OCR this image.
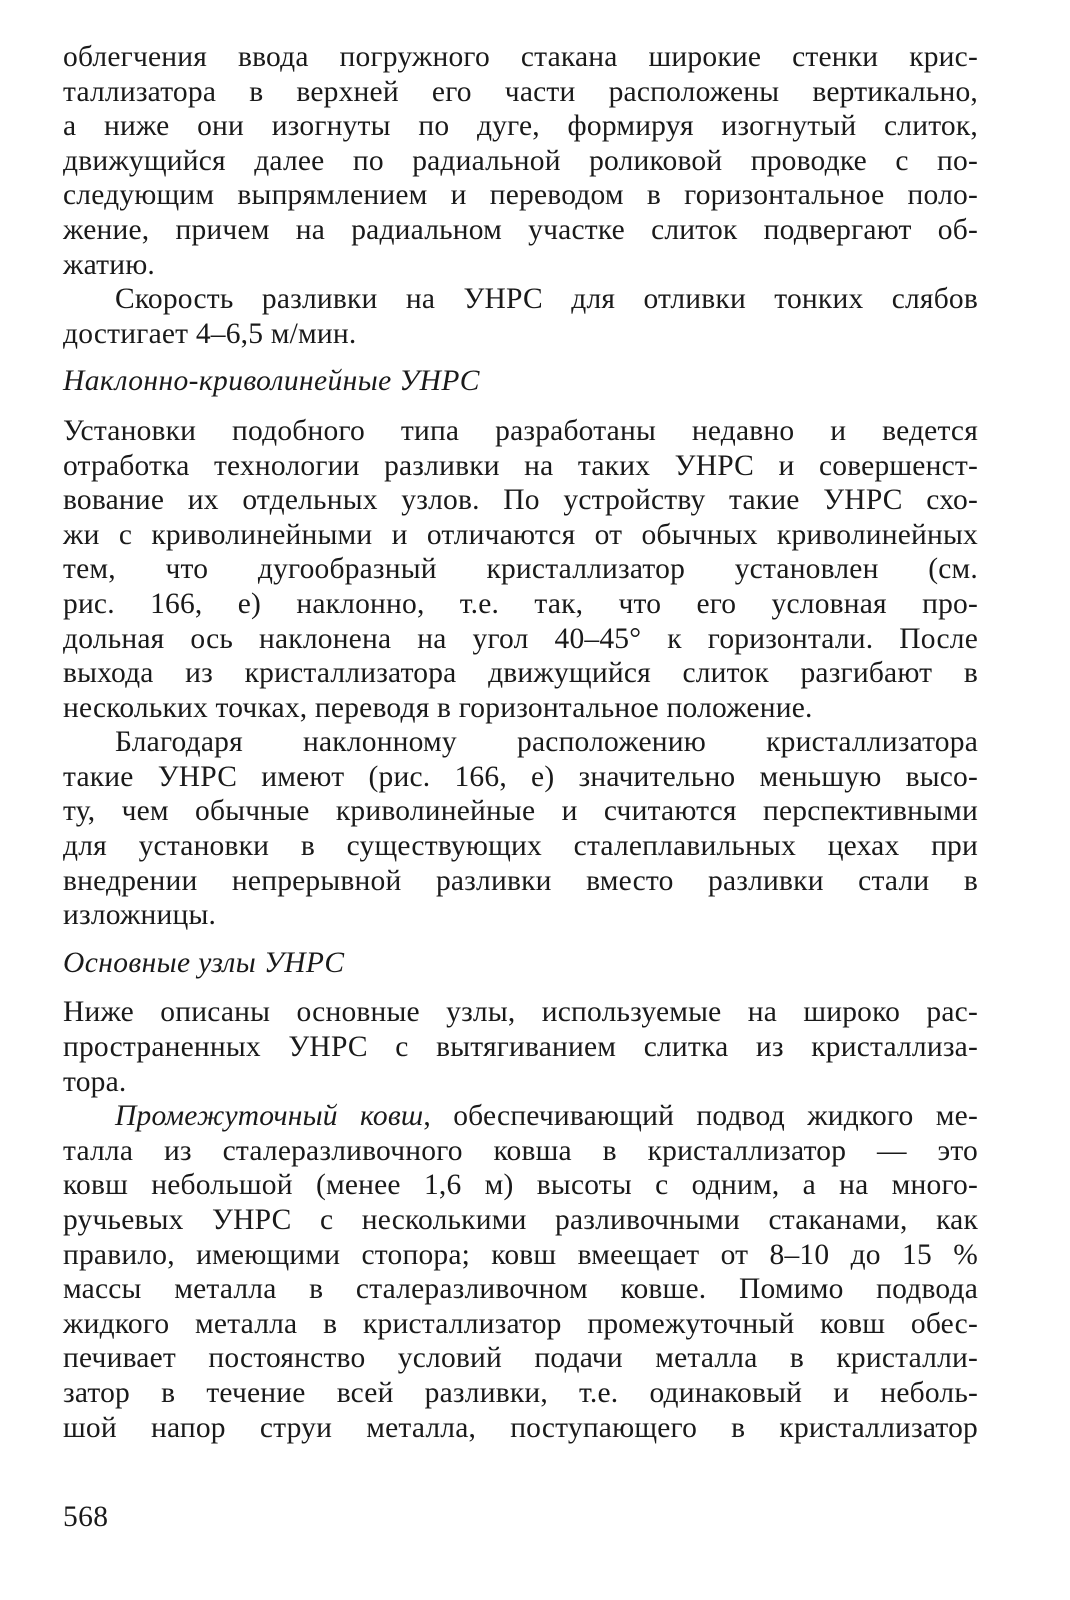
облегчения ввода погружного стакана широкие стенки крис-
таллизатора в верхней его части расположены вертикально,
а ниже они изогнуты по дуге, формируя изогнутый слиток,
движущийся далее по радиальной роликовой проводке с по-
следующим выпрямлением и переводом в горизонтальное поло-
жение, причем на радиальном участке слиток подвергают об-
жатию.
Скорость разливки на УНРС для отливки тонких слябов
достигает 4–6,5 м/мин.
Наклонно-криволинейные УНРС
Установки подобного типа разработаны недавно и ведется
отработка технологии разливки на таких УНРС и совершенст-
вование их отдельных узлов. По устройству такие УНРС схо-
жи с криволинейными и отличаются от обычных криволинейных
тем, что дугообразный кристаллизатор установлен (см.
рис. 166, е) наклонно, т.е. так, что его условная про-
дольная ось наклонена на угол 40–45° к горизонтали. После
выхода из кристаллизатора движущийся слиток разгибают в
нескольких точках, переводя в горизонтальное положение.
Благодаря наклонному расположению кристаллизатора
такие УНРС имеют (рис. 166, е) значительно меньшую высо-
ту, чем обычные криволинейные и считаются перспективными
для установки в существующих сталеплавильных цехах при
внедрении непрерывной разливки вместо разливки стали в
изложницы.
Основные узлы УНРС
Ниже описаны основные узлы, используемые на широко рас-
пространенных УНРС с вытягиванием слитка из кристаллиза-
тора.
Промежуточный ковш, обеспечивающий подвод жидкого ме-
талла из сталеразливочного ковша в кристаллизатор — это
ковш небольшой (менее 1,6 м) высоты с одним, а на много-
ручьевых УНРС с несколькими разливочными стаканами, как
правило, имеющими стопора; ковш вмеещает от 8–10 до 15 %
массы металла в сталеразливочном ковше. Помимо подвода
жидкого металла в кристаллизатор промежуточный ковш обес-
печивает постоянство условий подачи металла в кристалли-
затор в течение всей разливки, т.е. одинаковый и неболь-
шой напор струи металла, поступающего в кристаллизатор
568
